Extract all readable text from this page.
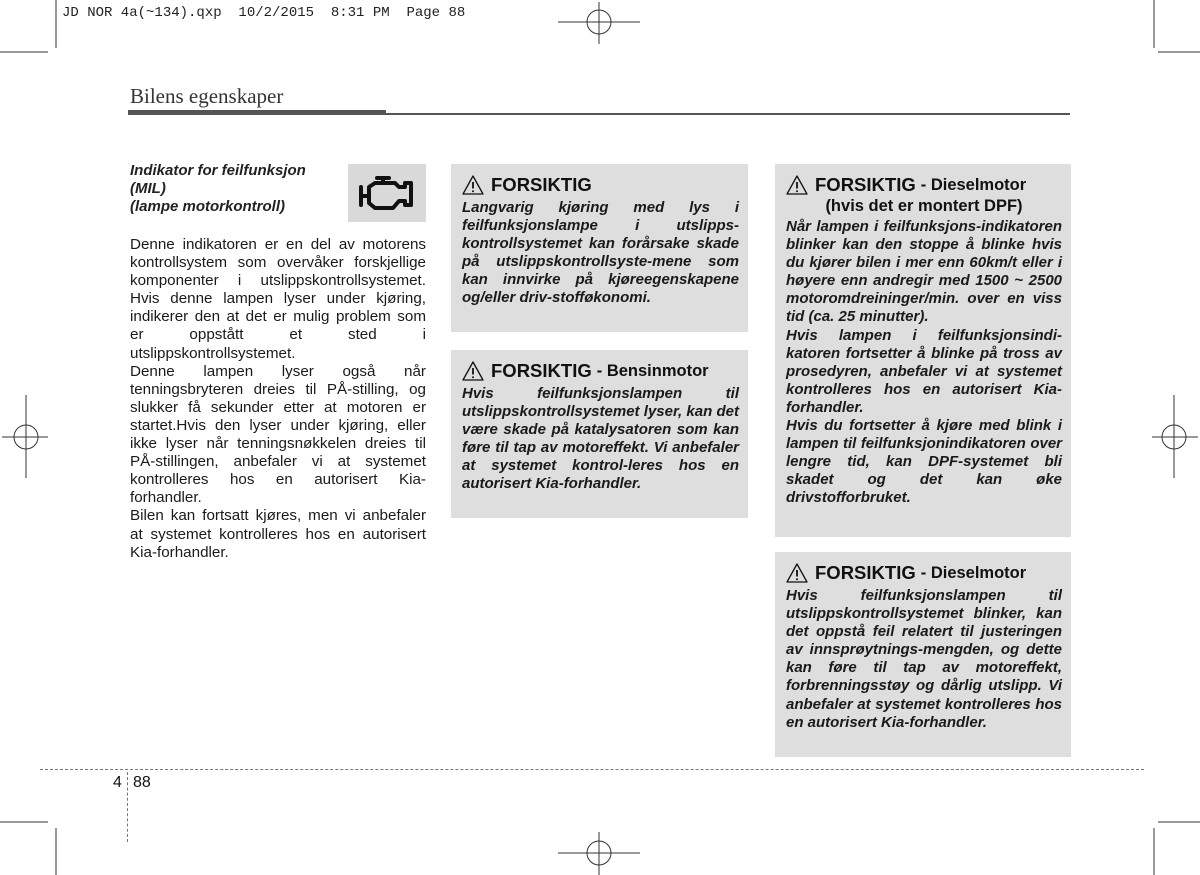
JD NOR 4a(~134).qxp  10/2/2015  8:31 PM  Page 88
Bilens egenskaper
Indikator for feilfunksjon
(MIL)
(lampe motorkontroll)

Denne indikatoren er en del av motorens kontrollsystem som overvåker forskjellige komponenter i utslippskontrollsystemet. Hvis denne lampen lyser under kjøring, indikerer den at det er mulig problem som er oppstått et sted i utslippskontrollsystemet.

Denne lampen lyser også når tenningsbryteren dreies til PÅ-stilling, og slukker få sekunder etter at motoren er startet.Hvis den lyser under kjøring, eller ikke lyser når tenningsnøkkelen dreies til PÅ-stillingen, anbefaler vi at systemet kontrolleres hos en autorisert Kia-forhandler.

Bilen kan fortsatt kjøres, men vi anbefaler at systemet kontrolleres hos en autorisert Kia-forhandler.

FORSIKTIG

Langvarig kjøring med lys i feilfunksjonslampe i utslipps-kontrollsystemet kan forårsake skade på utslippskontrollsyste-mene som kan innvirke på kjøreegenskapene og/eller driv-stofføkonomi.

FORSIKTIG - Bensinmotor

Hvis feilfunksjonslampen til utslippskontrollsystemet lyser, kan det være skade på katalysatoren som kan føre til tap av motoreffekt. Vi anbefaler at systemet kontrol-leres hos en autorisert Kia-forhandler.

FORSIKTIG - Dieselmotor
(hvis det er montert DPF)

Når lampen i feilfunksjons-indikatoren blinker kan den stoppe å blinke hvis du kjører bilen i mer enn 60km/t eller i høyere enn andregir med 1500 ~ 2500 motoromdreininger/min. over en viss tid (ca. 25 minutter).

Hvis lampen i feilfunksjonsindi-katoren fortsetter å blinke på tross av prosedyren, anbefaler vi at systemet kontrolleres hos en autorisert Kia-forhandler.

Hvis du fortsetter å kjøre med blink i lampen til feilfunksjonindikatoren over lengre tid, kan DPF-systemet bli skadet og det kan øke drivstofforbruket.

FORSIKTIG - Dieselmotor

Hvis feilfunksjonslampen til utslippskontrollsystemet blinker, kan det oppstå feil relatert til justeringen av innsprøytnings-mengden, og dette kan føre til tap av motoreffekt, forbrenningsstøy og dårlig utslipp. Vi anbefaler at systemet kontrolleres hos en autorisert Kia-forhandler.

4 88
